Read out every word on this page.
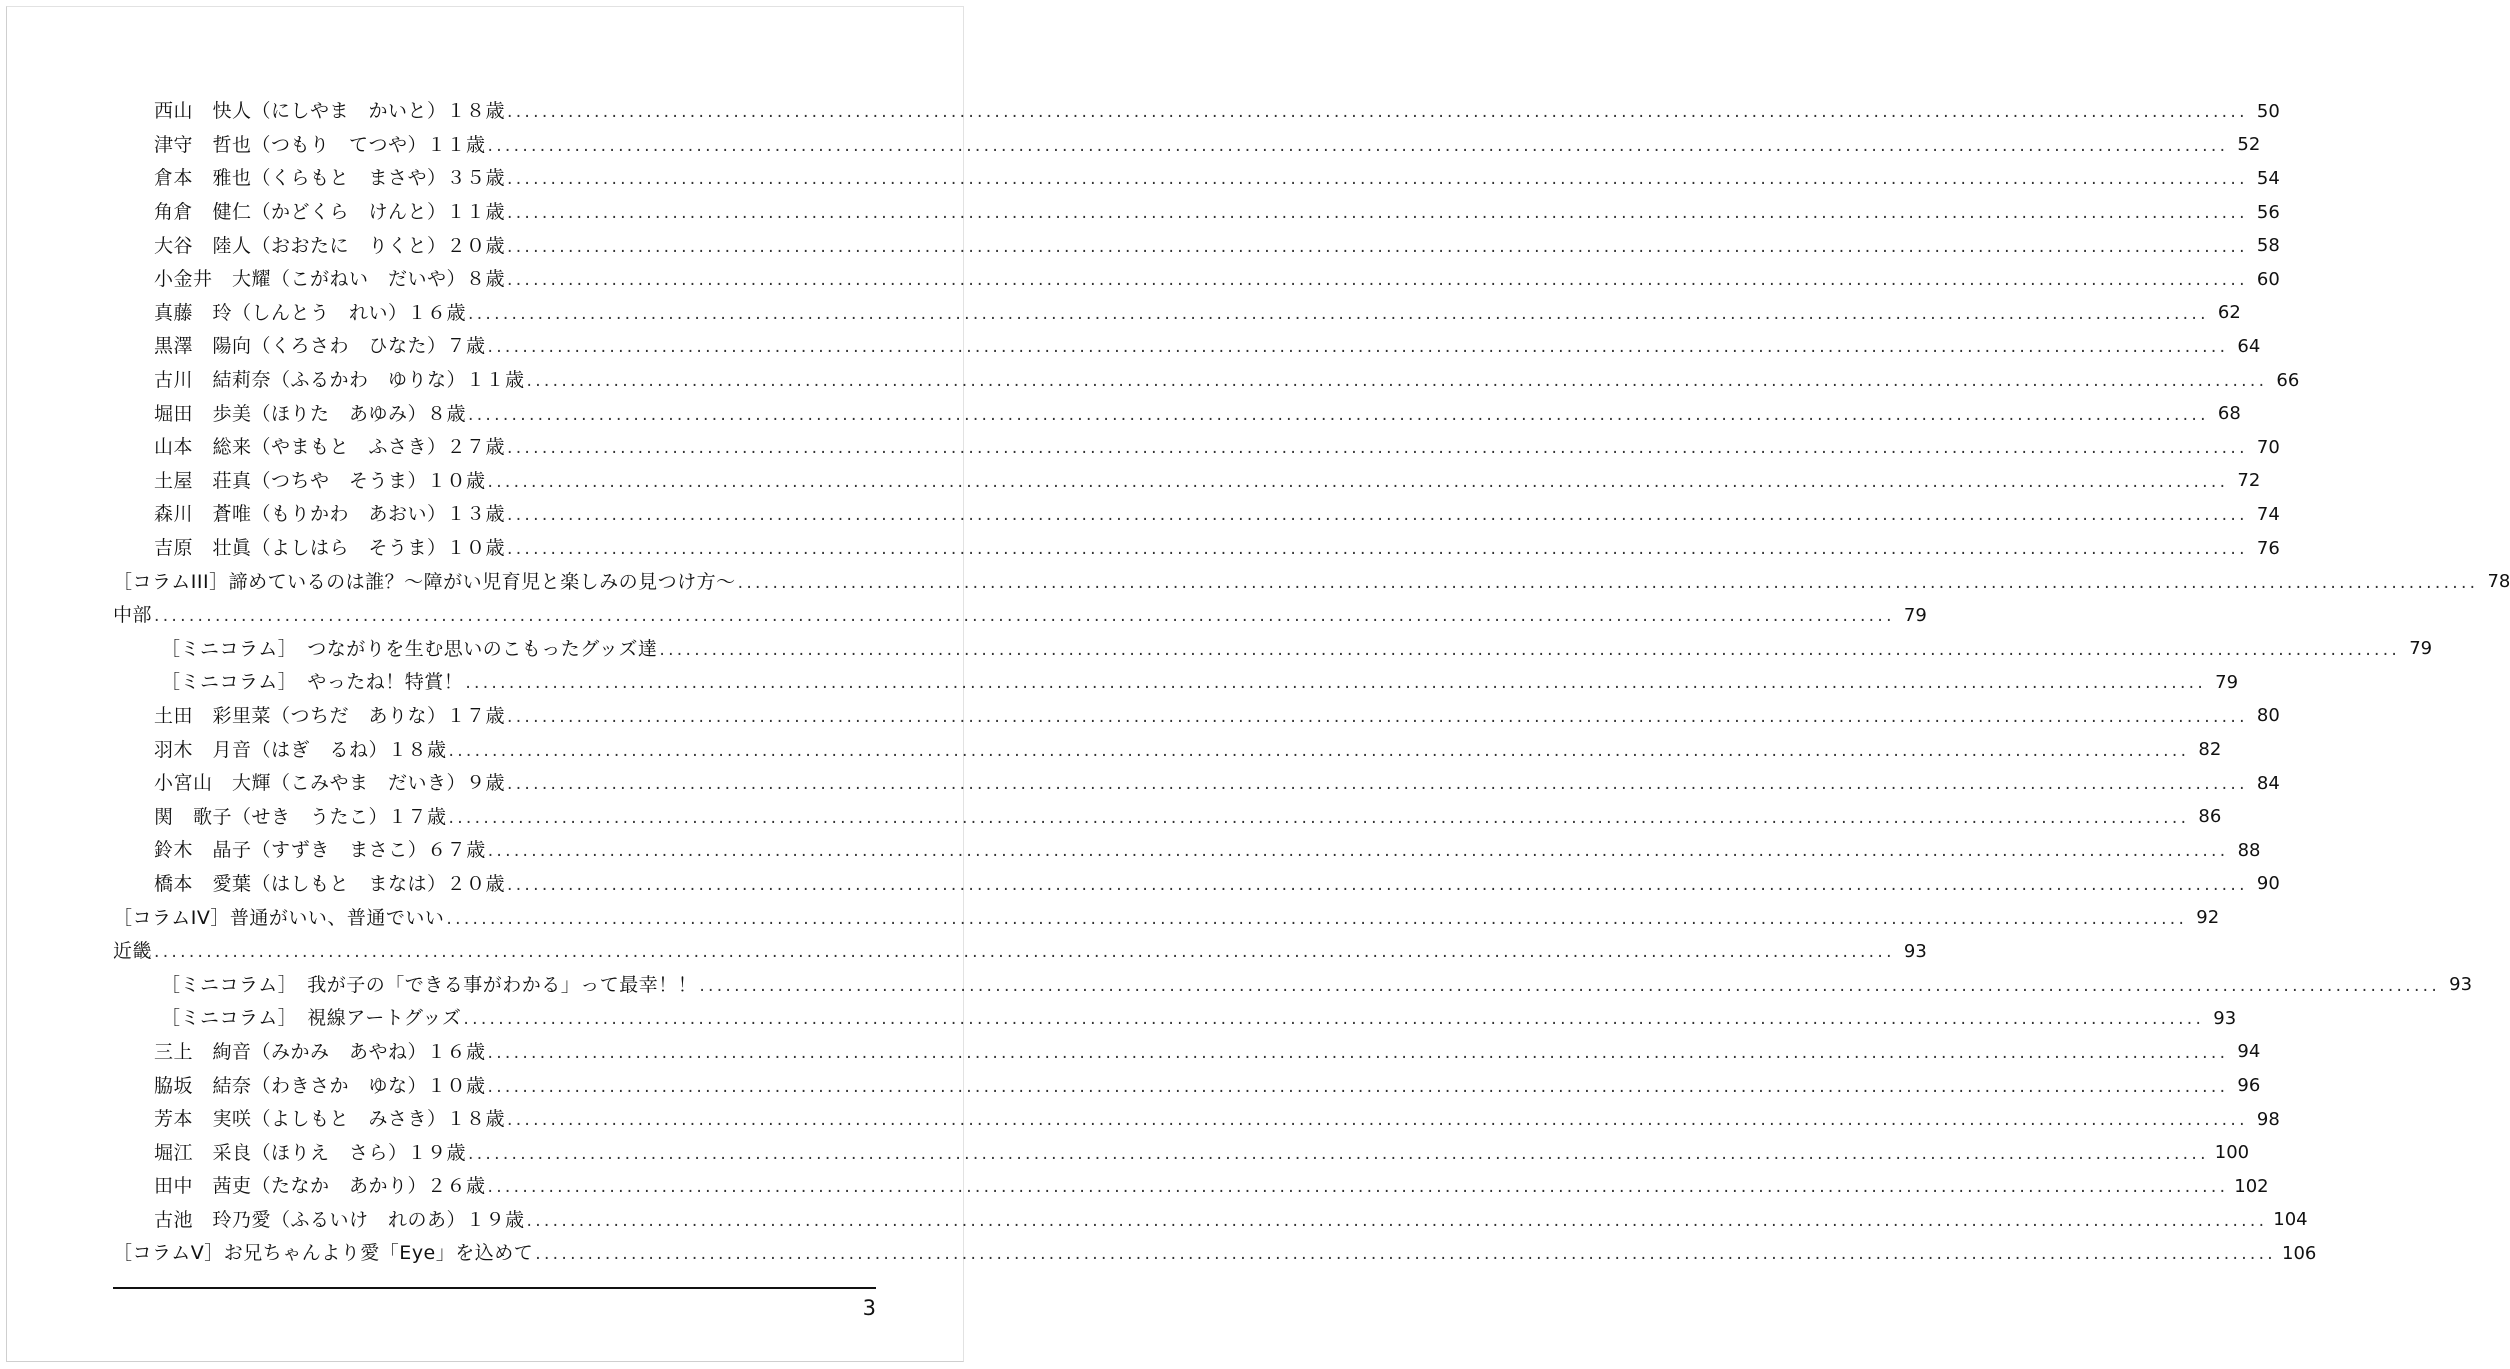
西山　快人（にしやま　かいと）１８歳 ........................................................................................................................................................................................................ 50
津守　哲也（つもり　てつや）１１歳 ........................................................................................................................................................................................................ 52
倉本　雅也（くらもと　まさや）３５歳 ........................................................................................................................................................................................................ 54
角倉　健仁（かどくら　けんと）１１歳 ........................................................................................................................................................................................................ 56
大谷　陸人（おおたに　りくと）２０歳 ........................................................................................................................................................................................................ 58
小金井　大耀（こがねい　だいや）８歳 ........................................................................................................................................................................................................ 60
真藤　玲（しんとう　れい）１６歳 ........................................................................................................................................................................................................ 62
黒澤　陽向（くろさわ　ひなた）７歳 ........................................................................................................................................................................................................ 64
古川　結莉奈（ふるかわ　ゆりな）１１歳 ........................................................................................................................................................................................................ 66
堀田　歩美（ほりた　あゆみ）８歳 ........................................................................................................................................................................................................ 68
山本　総来（やまもと　ふさき）２７歳 ........................................................................................................................................................................................................ 70
土屋　荘真（つちや　そうま）１０歳 ........................................................................................................................................................................................................ 72
森川　蒼唯（もりかわ　あおい）１３歳 ........................................................................................................................................................................................................ 74
吉原　壮眞（よしはら　そうま）１０歳 ........................................................................................................................................................................................................ 76
［コラムIII］諦めているのは誰？～障がい児育児と楽しみの見つけ方～ ........................................................................................................................................................................................................ 78
中部 ........................................................................................................................................................................................................ 79
［ミニコラム］　つながりを生む思いのこもったグッズ達 ........................................................................................................................................................................................................ 79
［ミニコラム］　やったね！特賞！ ........................................................................................................................................................................................................ 79
土田　彩里菜（つちだ　ありな）１７歳 ........................................................................................................................................................................................................ 80
羽木　月音（はぎ　るね）１８歳 ........................................................................................................................................................................................................ 82
小宮山　大輝（こみやま　だいき）９歳 ........................................................................................................................................................................................................ 84
関　歌子（せき　うたこ）１７歳 ........................................................................................................................................................................................................ 86
鈴木　晶子（すずき　まさこ）６７歳 ........................................................................................................................................................................................................ 88
橋本　愛葉（はしもと　まなは）２０歳 ........................................................................................................................................................................................................ 90
［コラムIV］普通がいい、普通でいい ........................................................................................................................................................................................................ 92
近畿 ........................................................................................................................................................................................................ 93
［ミニコラム］　我が子の「できる事がわかる」って最幸！！ ........................................................................................................................................................................................................ 93
［ミニコラム］　視線アートグッズ ........................................................................................................................................................................................................ 93
三上　絢音（みかみ　あやね）１６歳 ........................................................................................................................................................................................................ 94
脇坂　結奈（わきさか　ゆな）１０歳 ........................................................................................................................................................................................................ 96
芳本　実咲（よしもと　みさき）１８歳 ........................................................................................................................................................................................................ 98
堀江　采良（ほりえ　さら）１９歳 ........................................................................................................................................................................................................ 100
田中　茜吏（たなか　あかり）２６歳 ........................................................................................................................................................................................................ 102
古池　玲乃愛（ふるいけ　れのあ）１９歳 ........................................................................................................................................................................................................ 104
［コラムV］お兄ちゃんより愛「Eye」を込めて ........................................................................................................................................................................................................ 106
3
